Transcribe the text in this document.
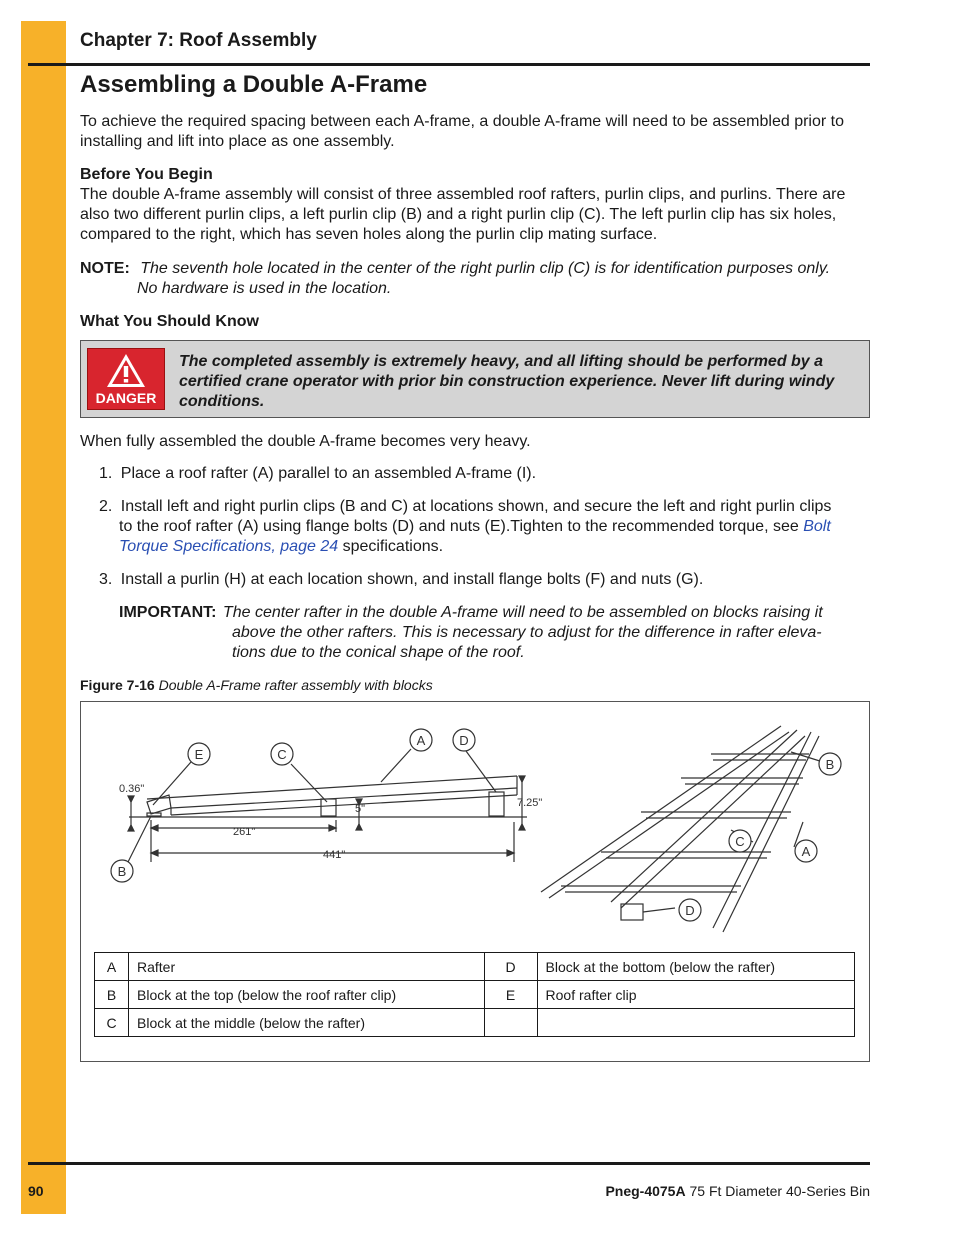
Chapter 7: Roof Assembly
Assembling a Double A-Frame

To achieve the required spacing between each A-frame, a double A-frame will need to be assembled prior to installing and lift into place as one assembly.

Before You Begin

The double A-frame assembly will consist of three assembled roof rafters, purlin clips, and purlins. There are also two different purlin clips, a left purlin clip (B) and a right purlin clip (C). The left purlin clip has six holes, compared to the right, which has seven holes along the purlin clip mating surface.

NOTE: The seventh hole located in the center of the right purlin clip (C) is for identification purposes only.
No hardware is used in the location.

What You Should Know

DANGER
The completed assembly is extremely heavy, and all lifting should be performed by a certified crane operator with prior bin construction experience. Never lift during windy conditions.

When fully assembled the double A-frame becomes very heavy.

1. Place a roof rafter (A) parallel to an assembled A-frame (I).
2. Install left and right purlin clips (B and C) at locations shown, and secure the left and right purlin clips
to the roof rafter (A) using flange bolts (D) and nuts (E).Tighten to the recommended torque, see Bolt
Torque Specifications, page 24 specifications.
3. Install a purlin (H) at each location shown, and install flange bolts (F) and nuts (G).
IMPORTANT: The center rafter in the double A-frame will need to be assembled on blocks raising it
above the other rafters. This is necessary to adjust for the difference in rafter eleva-
tions due to the conical shape of the roof.
Figure 7-16 Double A-Frame rafter assembly with blocks
0.36"
5"	7.25"
261"
441"
E	C
A	D
B
B
C
A
D
A	Rafter	D	Block at the bottom (below the rafter)
B	Block at the top (below the roof rafter clip)	E	Roof rafter clip
C	Block at the middle (below the rafter)		
90	Pneg-4075A 75 Ft Diameter 40-Series Bin
